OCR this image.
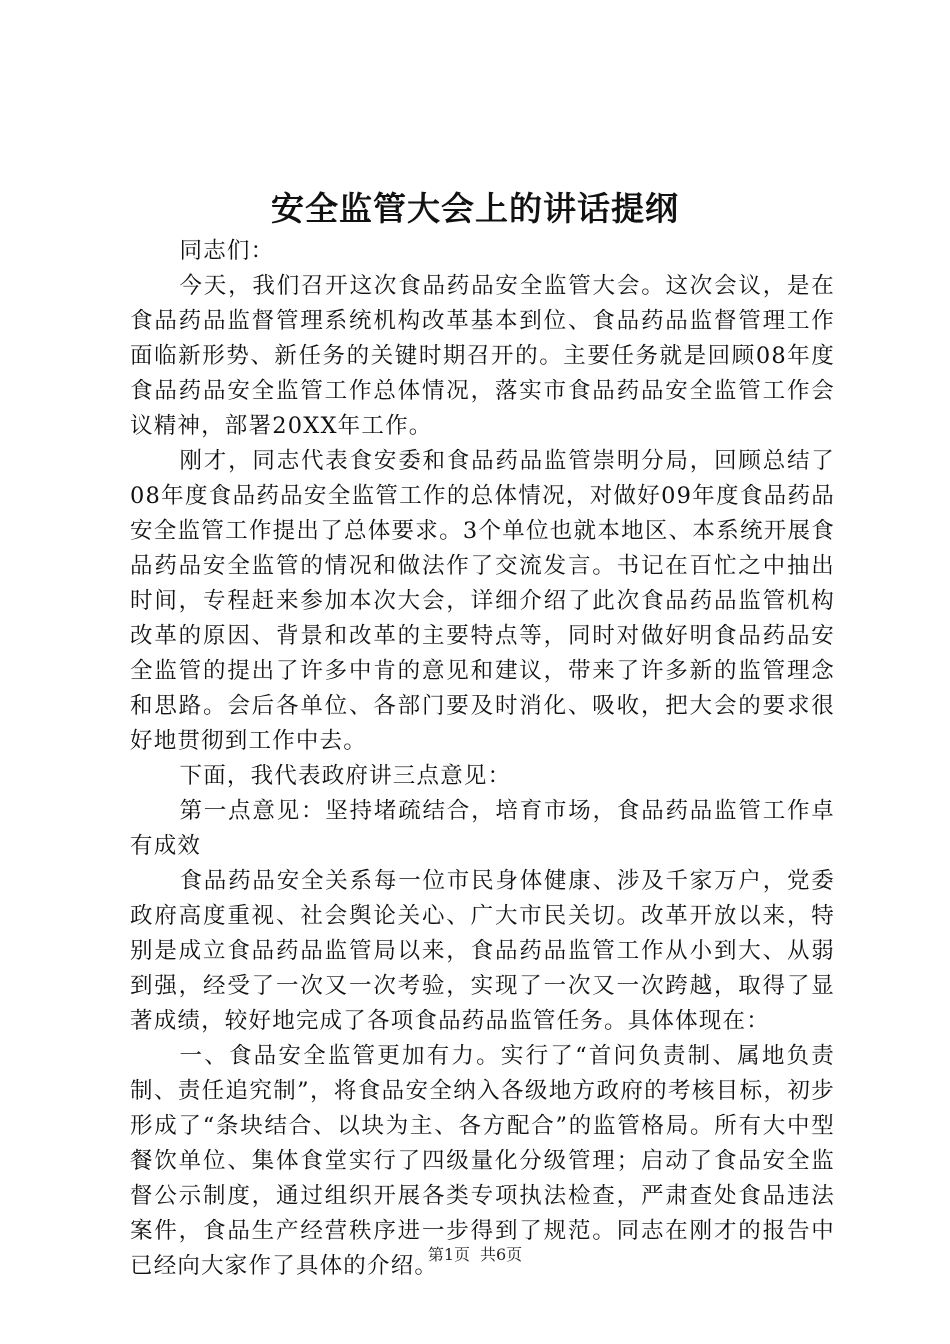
安全监管大会上的讲话提纲

同志们：

今天，我们召开这次食品药品安全监管大会。这次会议，是在食品药品监督管理系统机构改革基本到位、食品药品监督管理工作面临新形势、新任务的关键时期召开的。主要任务就是回顾08年度食品药品安全监管工作总体情况，落实市食品药品安全监管工作会议精神，部署20XX年工作。

刚才，同志代表食安委和食品药品监管崇明分局，回顾总结了08年度食品药品安全监管工作的总体情况，对做好09年度食品药品安全监管工作提出了总体要求。3个单位也就本地区、本系统开展食品药品安全监管的情况和做法作了交流发言。书记在百忙之中抽出时间，专程赶来参加本次大会，详细介绍了此次食品药品监管机构改革的原因、背景和改革的主要特点等，同时对做好明食品药品安全监管的提出了许多中肯的意见和建议，带来了许多新的监管理念和思路。会后各单位、各部门要及时消化、吸收，把大会的要求很好地贯彻到工作中去。

下面，我代表政府讲三点意见：

第一点意见：坚持堵疏结合，培育市场，食品药品监管工作卓有成效

食品药品安全关系每一位市民身体健康、涉及千家万户，党委政府高度重视、社会舆论关心、广大市民关切。改革开放以来，特别是成立食品药品监管局以来，食品药品监管工作从小到大、从弱到强，经受了一次又一次考验，实现了一次又一次跨越，取得了显著成绩，较好地完成了各项食品药品监管任务。具体体现在：

一、食品安全监管更加有力。实行了“首问负责制、属地负责制、责任追究制”，将食品安全纳入各级地方政府的考核目标，初步形成了“条块结合、以块为主、各方配合”的监管格局。所有大中型餐饮单位、集体食堂实行了四级量化分级管理；启动了食品安全监督公示制度，通过组织开展各类专项执法检查，严肃查处食品违法案件，食品生产经营秩序进一步得到了规范。同志在刚才的报告中已经向大家作了具体的介绍。

第1页 共6页
